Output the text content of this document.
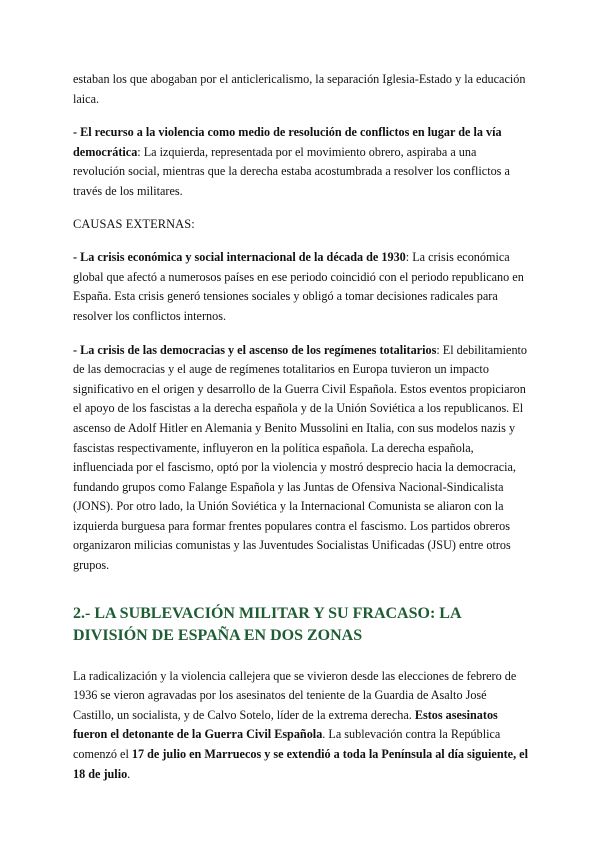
estaban los que abogaban por el anticlericalismo, la separación Iglesia-Estado y la educación laica.

- El recurso a la violencia como medio de resolución de conflictos en lugar de la vía democrática: La izquierda, representada por el movimiento obrero, aspiraba a una revolución social, mientras que la derecha estaba acostumbrada a resolver los conflictos a través de los militares.

CAUSAS EXTERNAS:

- La crisis económica y social internacional de la década de 1930: La crisis económica global que afectó a numerosos países en ese periodo coincidió con el periodo republicano en España. Esta crisis generó tensiones sociales y obligó a tomar decisiones radicales para resolver los conflictos internos.

- La crisis de las democracias y el ascenso de los regímenes totalitarios: El debilitamiento de las democracias y el auge de regímenes totalitarios en Europa tuvieron un impacto significativo en el origen y desarrollo de la Guerra Civil Española. Estos eventos propiciaron el apoyo de los fascistas a la derecha española y de la Unión Soviética a los republicanos. El ascenso de Adolf Hitler en Alemania y Benito Mussolini en Italia, con sus modelos nazis y fascistas respectivamente, influyeron en la política española. La derecha española, influenciada por el fascismo, optó por la violencia y mostró desprecio hacia la democracia, fundando grupos como Falange Española y las Juntas de Ofensiva Nacional-Sindicalista (JONS). Por otro lado, la Unión Soviética y la Internacional Comunista se aliaron con la izquierda burguesa para formar frentes populares contra el fascismo. Los partidos obreros organizaron milicias comunistas y las Juventudes Socialistas Unificadas (JSU) entre otros grupos.

2.- LA SUBLEVACIÓN MILITAR Y SU FRACASO: LA DIVISIÓN DE ESPAÑA EN DOS ZONAS

La radicalización y la violencia callejera que se vivieron desde las elecciones de febrero de 1936 se vieron agravadas por los asesinatos del teniente de la Guardia de Asalto José Castillo, un socialista, y de Calvo Sotelo, líder de la extrema derecha. Estos asesinatos fueron el detonante de la Guerra Civil Española. La sublevación contra la República comenzó el 17 de julio en Marruecos y se extendió a toda la Península al día siguiente, el 18 de julio.
